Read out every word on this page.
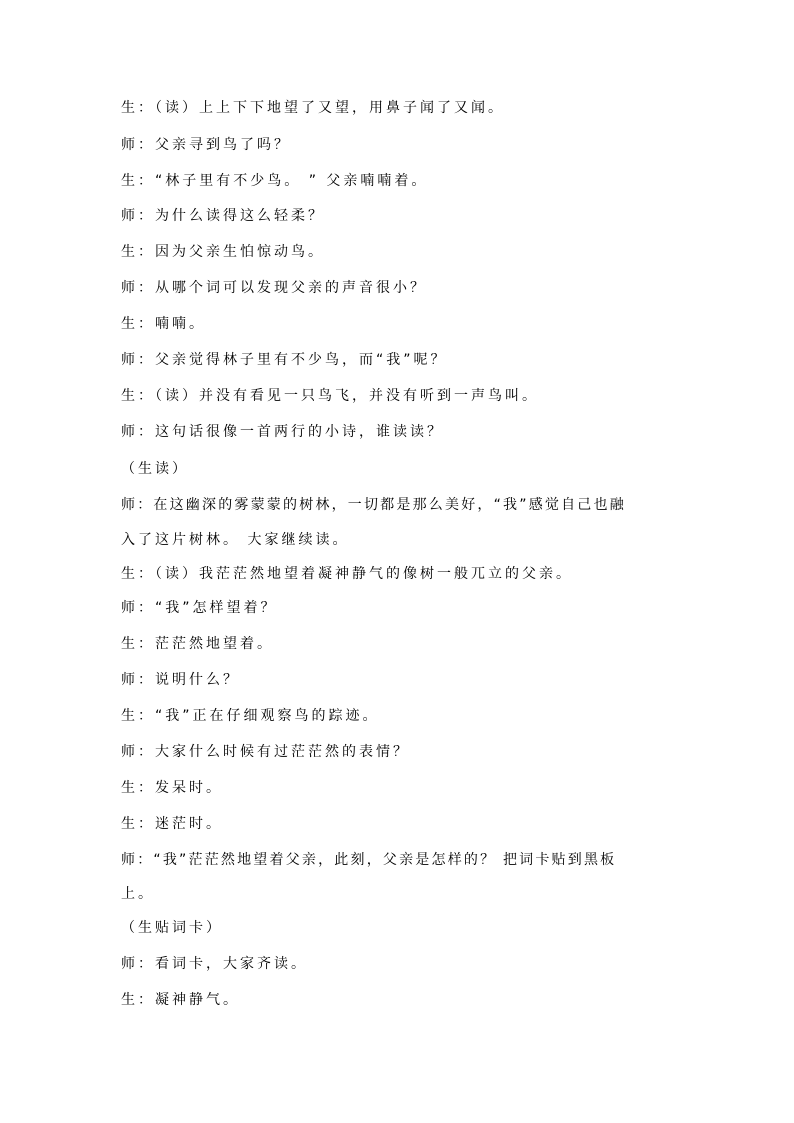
生：（读）上上下下地望了又望，用鼻子闻了又闻。
师：父亲寻到鸟了吗？
生：“林子里有不少鸟。 ” 父亲喃喃着。
师：为什么读得这么轻柔？
生：因为父亲生怕惊动鸟。
师：从哪个词可以发现父亲的声音很小？
生：喃喃。
师：父亲觉得林子里有不少鸟，而“我”呢？
生：（读）并没有看见一只鸟飞，并没有听到一声鸟叫。
师：这句话很像一首两行的小诗，谁读读？
（生读）
师：在这幽深的雾蒙蒙的树林，一切都是那么美好，“我”感觉自己也融
入了这片树林。 大家继续读。
生：（读）我茫茫然地望着凝神静气的像树一般兀立的父亲。
师：“我”怎样望着？
生：茫茫然地望着。
师：说明什么？
生：“我”正在仔细观察鸟的踪迹。
师：大家什么时候有过茫茫然的表情？
生：发呆时。
生：迷茫时。
师：“我”茫茫然地望着父亲，此刻，父亲是怎样的？ 把词卡贴到黑板
上。
（生贴词卡）
师：看词卡，大家齐读。
生：凝神静气。
